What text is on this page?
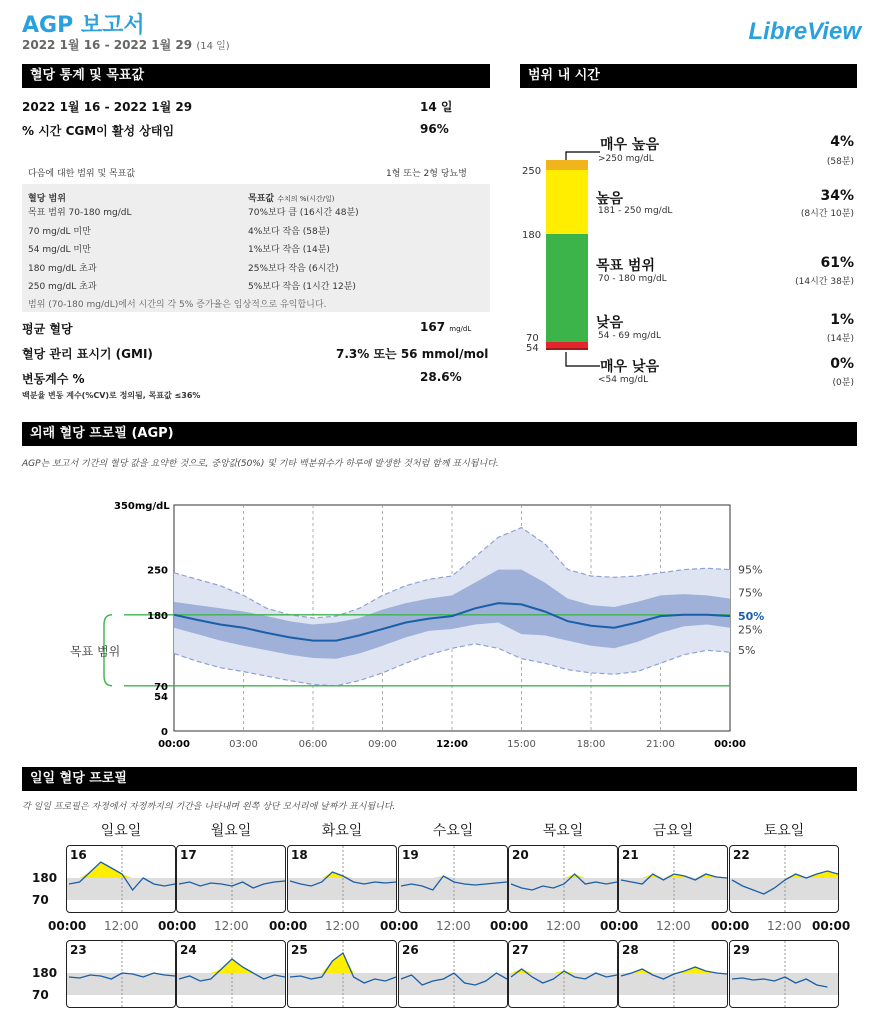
AGP 보고서
2022 1월 16 - 2022 1월 29 (14 일)
LibreView
혈당 통계 및 목표값
2022 1월 16 - 2022 1월 29	14 일
% 시간 CGM이 활성 상태임	96%
다음에 대한 범위 및 목표값	1형 또는 2형 당뇨병
혈당 범위	목표값 수치의 %(시간/일)
목표 범위 70-180 mg/dL	70%보다 큼 (16시간 48분)
70 mg/dL 미만	4%보다 작음 (58분)
54 mg/dL 미만	1%보다 작음 (14분)
180 mg/dL 초과	25%보다 작음 (6시간)
250 mg/dL 초과	5%보다 작음 (1시간 12분)
범위 (70-180 mg/dL)에서 시간의 각 5% 증가율은 임상적으로 유익합니다.
평균 혈당	167 mg/dL
혈당 관리 표시기 (GMI)	7.3% 또는 56 mmol/mol
변동계수 %	28.6%
백분율 변동 계수(%CV)로 정의됨, 목표값 ≤36%
범위 내 시간
250
180
70
54
매우 높음
>250 mg/dL
4%
(58분)
높음
181 - 250 mg/dL
34%
(8시간 10분)
목표 범위
70 - 180 mg/dL
61%
(14시간 38분)
낮음
54 - 69 mg/dL
1%
(14분)
매우 낮음
<54 mg/dL
0%
(0분)
외래 혈당 프로필 (AGP)
AGP는 보고서 기간의 혈당 값을 요약한 것으로, 중앙값(50%) 및 기타 백분위수가 하루에 발생한 것처럼 함께 표시됩니다.
목표 범위
350mg/dL
250
180
70
54
0
00:00	03:00	06:00	09:00	12:00	15:00	18:00	21:00	00:00
95%
75%
50%
25%
5%
일일 혈당 프로필
각 일일 프로필은 자정에서 자정까지의 기간을 나타내며 왼쪽 상단 모서리에 날짜가 표시됩니다.
일요일	월요일	화요일	수요일	목요일	금요일	토요일
180
70
16	17	18	19	20	21	22
180
70
23	24	25	26	27	28	29
00:00 12:00 00:00 12:00 00:00 12:00 00:00 12:00 00:00 12:00 00:00 12:00 00:00 12:00 00:00
